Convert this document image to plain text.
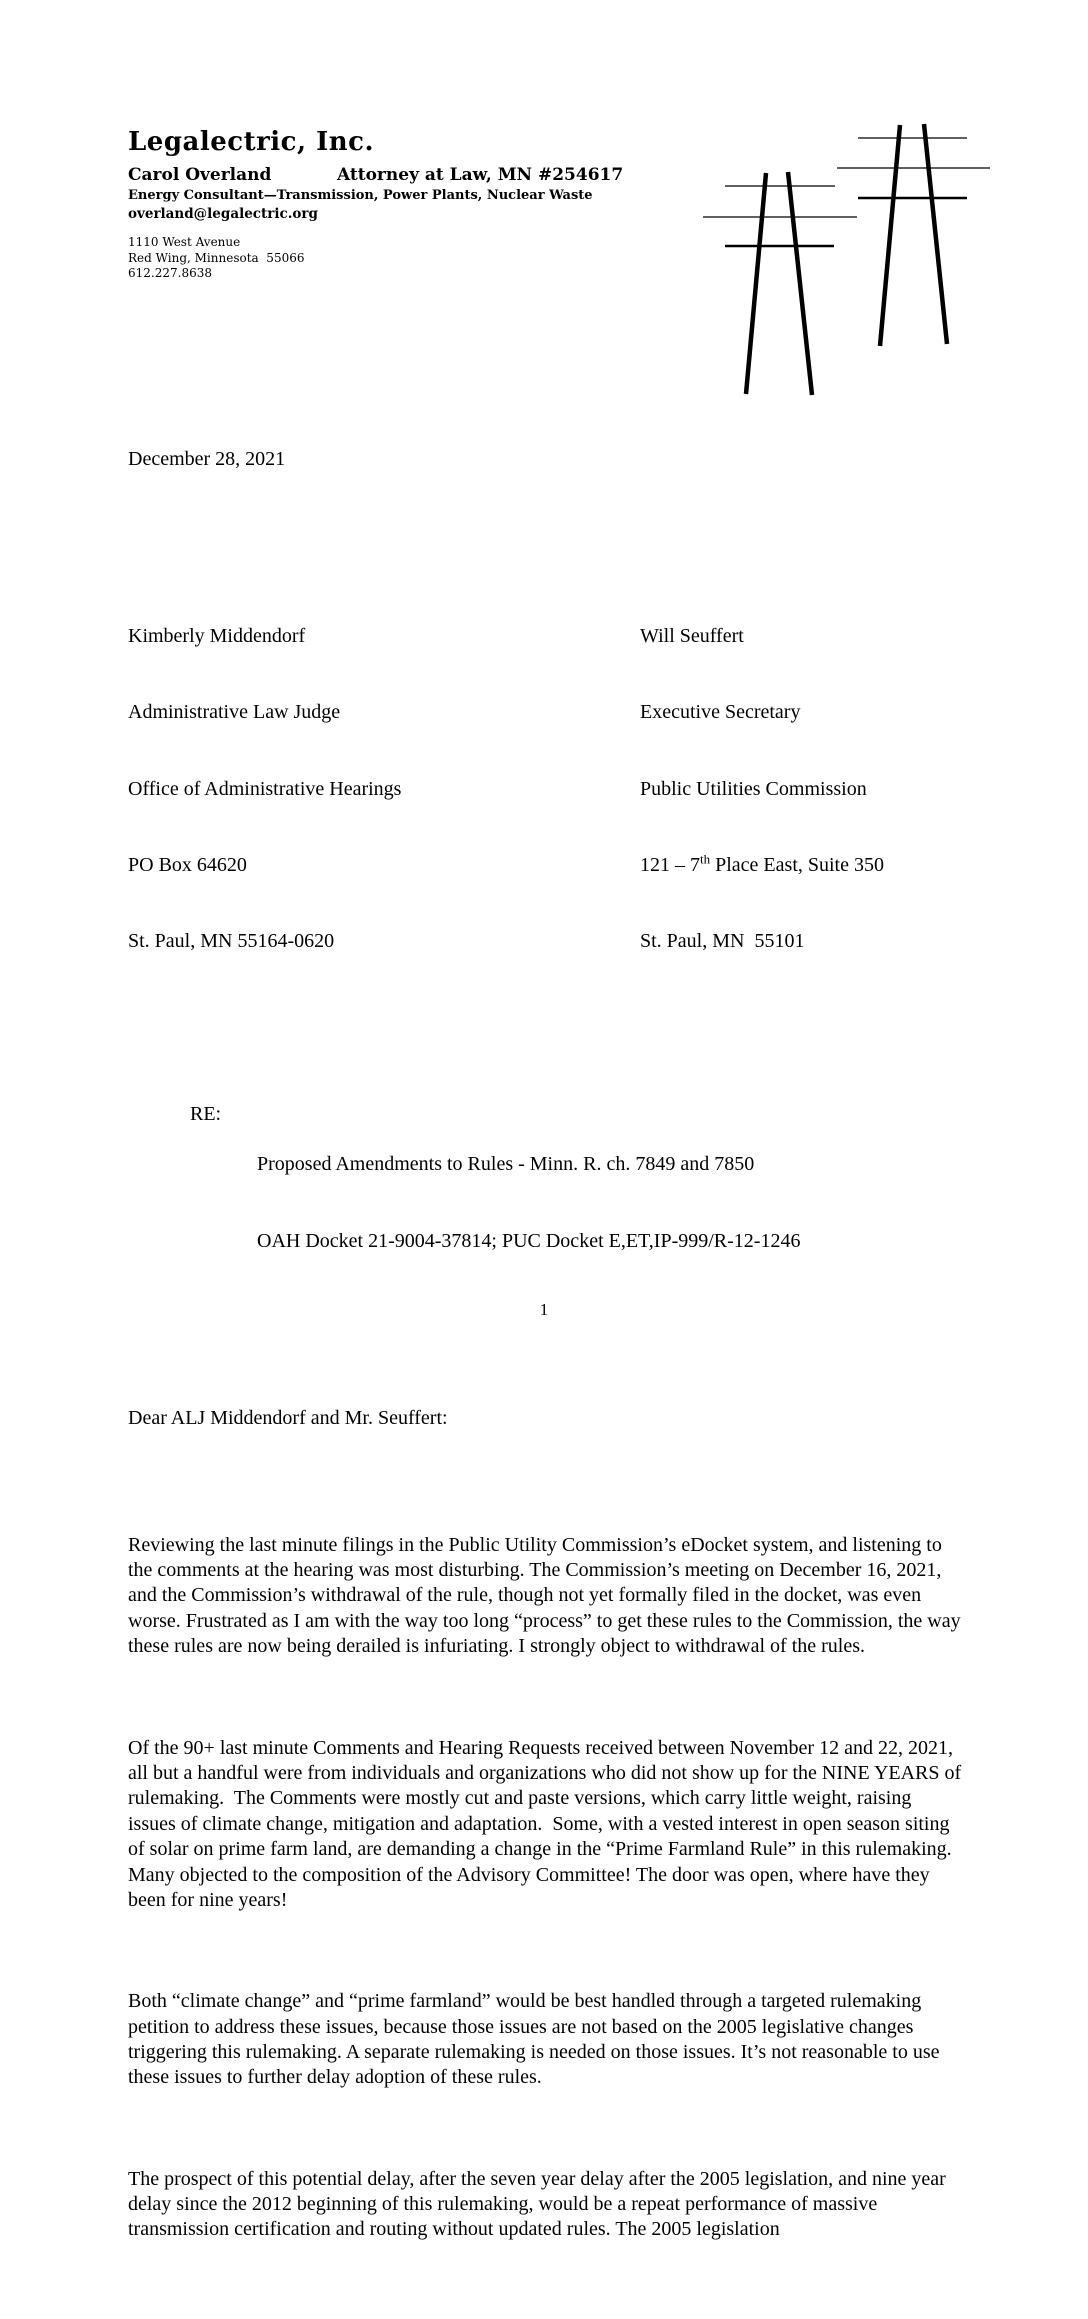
Legalectric, Inc.
Carol Overland	Attorney at Law, MN #254617
Energy Consultant—Transmission, Power Plants, Nuclear Waste
overland@legalectric.org
1110 West Avenue
Red Wing, Minnesota  55066
612.227.8638

December 28, 2021

Kimberly Middendorf

Administrative Law Judge

Office of Administrative Hearings

PO Box 64620

St. Paul, MN 55164-0620

Will Seuffert

Executive Secretary

Public Utilities Commission

121 – 7th Place East, Suite 350

St. Paul, MN  55101

RE:

Proposed Amendments to Rules - Minn. R. ch. 7849 and 7850

OAH Docket 21-9004-37814; PUC Docket E,ET,IP-999/R-12-1246

Dear ALJ Middendorf and Mr. Seuffert:

Reviewing the last minute filings in the Public Utility Commission’s eDocket system, and listening to the comments at the hearing was most disturbing. The Commission’s meeting on December 16, 2021, and the Commission’s withdrawal of the rule, though not yet formally filed in the docket, was even worse. Frustrated as I am with the way too long “process” to get these rules to the Commission, the way these rules are now being derailed is infuriating. I strongly object to withdrawal of the rules.

Of the 90+ last minute Comments and Hearing Requests received between November 12 and 22, 2021, all but a handful were from individuals and organizations who did not show up for the NINE YEARS of rulemaking.  The Comments were mostly cut and paste versions, which carry little weight, raising issues of climate change, mitigation and adaptation.  Some, with a vested interest in open season siting of solar on prime farm land, are demanding a change in the “Prime Farmland Rule” in this rulemaking. Many objected to the composition of the Advisory Committee! The door was open, where have they been for nine years!

Both “climate change” and “prime farmland” would be best handled through a targeted rulemaking petition to address these issues, because those issues are not based on the 2005 legislative changes triggering this rulemaking. A separate rulemaking is needed on those issues. It’s not reasonable to use these issues to further delay adoption of these rules.

The prospect of this potential delay, after the seven year delay after the 2005 legislation, and nine year delay since the 2012 beginning of this rulemaking, would be a repeat performance of massive transmission certification and routing without updated rules. The 2005 legislation

1
